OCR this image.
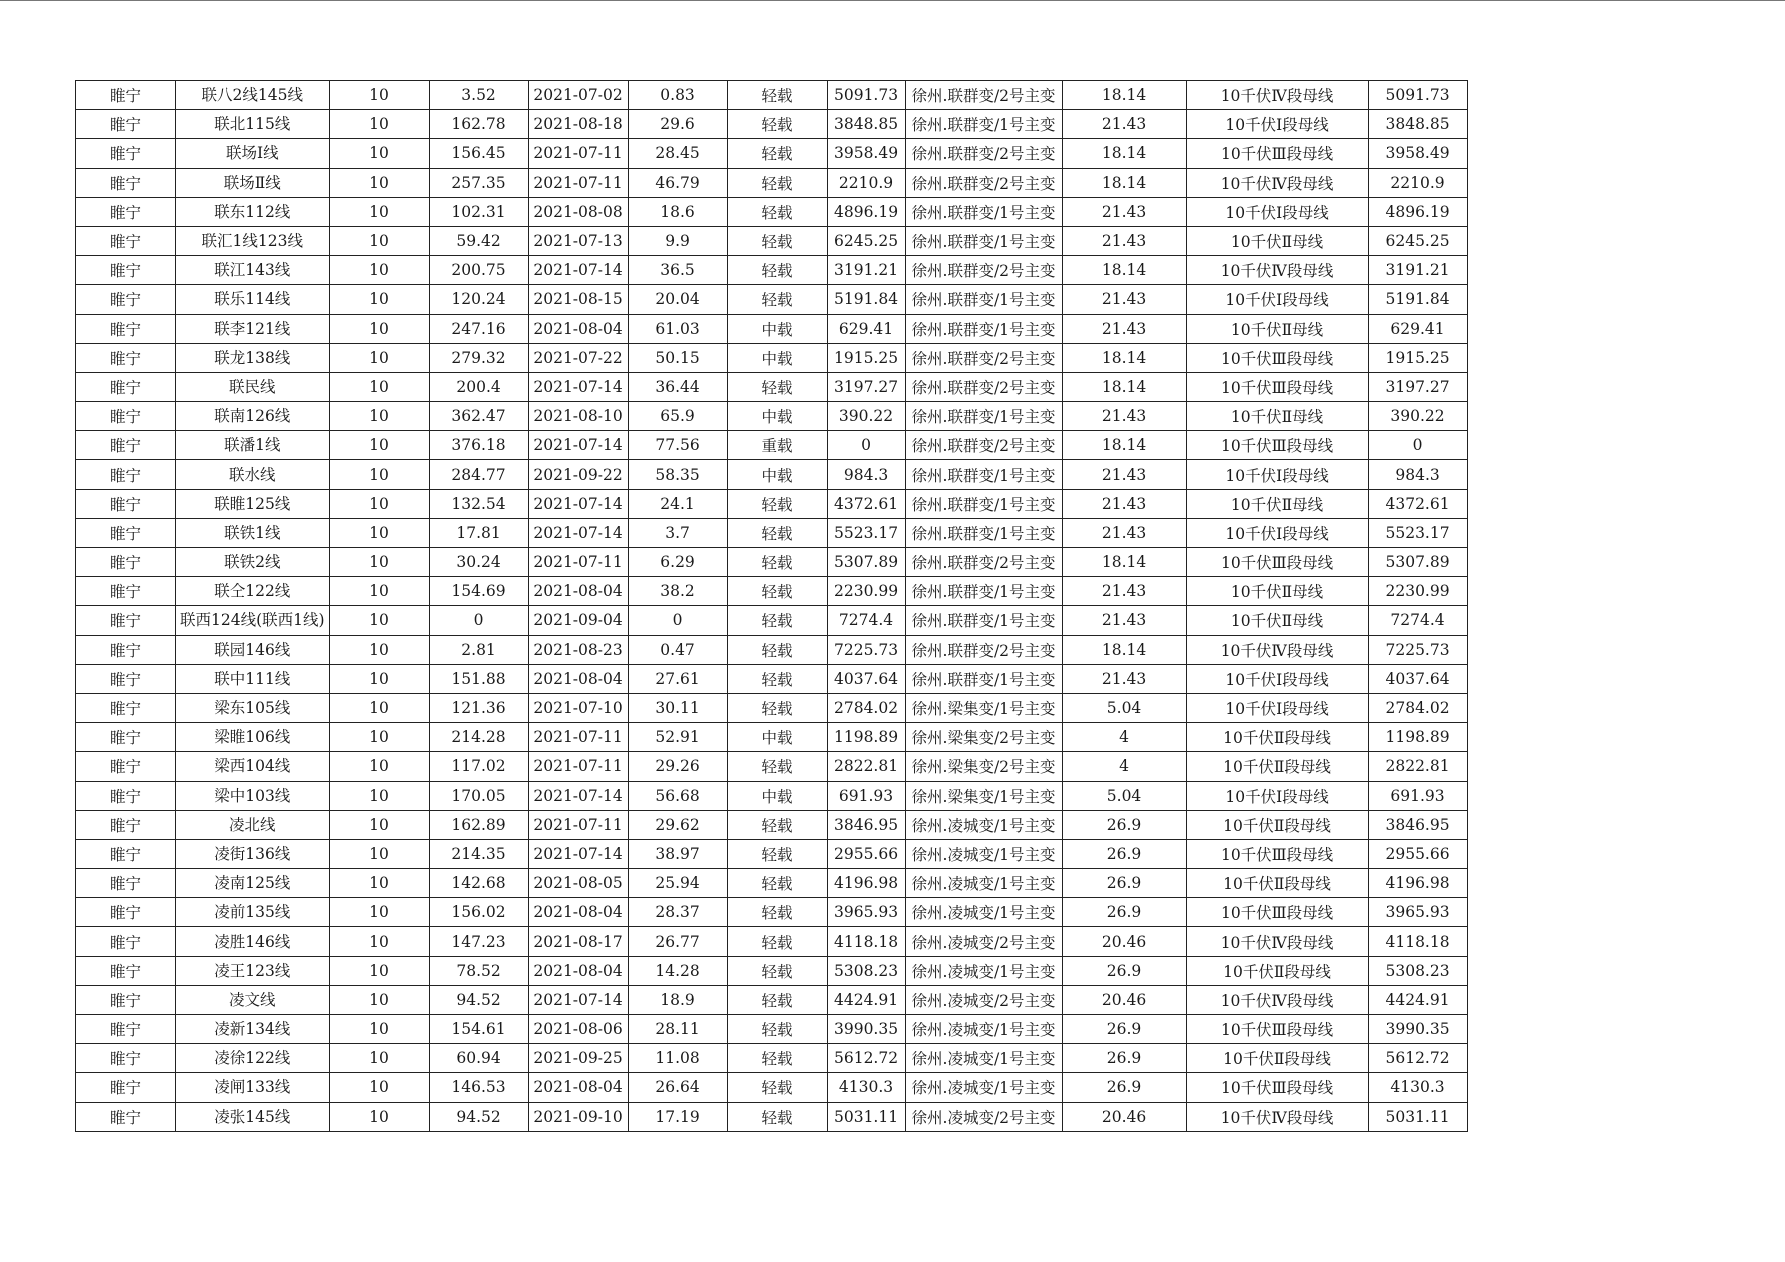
睢宁	联八2线145线	10	3.52	2021-07-02	0.83	轻载	5091.73	徐州.联群变/2号主变	18.14	10千伏Ⅳ段母线	5091.73
睢宁	联北115线	10	162.78	2021-08-18	29.6	轻载	3848.85	徐州.联群变/1号主变	21.43	10千伏Ⅰ段母线	3848.85
睢宁	联场Ⅰ线	10	156.45	2021-07-11	28.45	轻载	3958.49	徐州.联群变/2号主变	18.14	10千伏Ⅲ段母线	3958.49
睢宁	联场Ⅱ线	10	257.35	2021-07-11	46.79	轻载	2210.9	徐州.联群变/2号主变	18.14	10千伏Ⅳ段母线	2210.9
睢宁	联东112线	10	102.31	2021-08-08	18.6	轻载	4896.19	徐州.联群变/1号主变	21.43	10千伏Ⅰ段母线	4896.19
睢宁	联汇1线123线	10	59.42	2021-07-13	9.9	轻载	6245.25	徐州.联群变/1号主变	21.43	10千伏Ⅱ母线	6245.25
睢宁	联江143线	10	200.75	2021-07-14	36.5	轻载	3191.21	徐州.联群变/2号主变	18.14	10千伏Ⅳ段母线	3191.21
睢宁	联乐114线	10	120.24	2021-08-15	20.04	轻载	5191.84	徐州.联群变/1号主变	21.43	10千伏Ⅰ段母线	5191.84
睢宁	联李121线	10	247.16	2021-08-04	61.03	中载	629.41	徐州.联群变/1号主变	21.43	10千伏Ⅱ母线	629.41
睢宁	联龙138线	10	279.32	2021-07-22	50.15	中载	1915.25	徐州.联群变/2号主变	18.14	10千伏Ⅲ段母线	1915.25
睢宁	联民线	10	200.4	2021-07-14	36.44	轻载	3197.27	徐州.联群变/2号主变	18.14	10千伏Ⅲ段母线	3197.27
睢宁	联南126线	10	362.47	2021-08-10	65.9	中载	390.22	徐州.联群变/1号主变	21.43	10千伏Ⅱ母线	390.22
睢宁	联潘1线	10	376.18	2021-07-14	77.56	重载	0	徐州.联群变/2号主变	18.14	10千伏Ⅲ段母线	0
睢宁	联水线	10	284.77	2021-09-22	58.35	中载	984.3	徐州.联群变/1号主变	21.43	10千伏Ⅰ段母线	984.3
睢宁	联睢125线	10	132.54	2021-07-14	24.1	轻载	4372.61	徐州.联群变/1号主变	21.43	10千伏Ⅱ母线	4372.61
睢宁	联铁1线	10	17.81	2021-07-14	3.7	轻载	5523.17	徐州.联群变/1号主变	21.43	10千伏Ⅰ段母线	5523.17
睢宁	联铁2线	10	30.24	2021-07-11	6.29	轻载	5307.89	徐州.联群变/2号主变	18.14	10千伏Ⅲ段母线	5307.89
睢宁	联仝122线	10	154.69	2021-08-04	38.2	轻载	2230.99	徐州.联群变/1号主变	21.43	10千伏Ⅱ母线	2230.99
睢宁	联西124线(联西1线)	10	0	2021-09-04	0	轻载	7274.4	徐州.联群变/1号主变	21.43	10千伏Ⅱ母线	7274.4
睢宁	联园146线	10	2.81	2021-08-23	0.47	轻载	7225.73	徐州.联群变/2号主变	18.14	10千伏Ⅳ段母线	7225.73
睢宁	联中111线	10	151.88	2021-08-04	27.61	轻载	4037.64	徐州.联群变/1号主变	21.43	10千伏Ⅰ段母线	4037.64
睢宁	梁东105线	10	121.36	2021-07-10	30.11	轻载	2784.02	徐州.梁集变/1号主变	5.04	10千伏Ⅰ段母线	2784.02
睢宁	梁睢106线	10	214.28	2021-07-11	52.91	中载	1198.89	徐州.梁集变/2号主变	4	10千伏Ⅱ段母线	1198.89
睢宁	梁西104线	10	117.02	2021-07-11	29.26	轻载	2822.81	徐州.梁集变/2号主变	4	10千伏Ⅱ段母线	2822.81
睢宁	梁中103线	10	170.05	2021-07-14	56.68	中载	691.93	徐州.梁集变/1号主变	5.04	10千伏Ⅰ段母线	691.93
睢宁	凌北线	10	162.89	2021-07-11	29.62	轻载	3846.95	徐州.凌城变/1号主变	26.9	10千伏Ⅱ段母线	3846.95
睢宁	凌街136线	10	214.35	2021-07-14	38.97	轻载	2955.66	徐州.凌城变/1号主变	26.9	10千伏Ⅲ段母线	2955.66
睢宁	凌南125线	10	142.68	2021-08-05	25.94	轻载	4196.98	徐州.凌城变/1号主变	26.9	10千伏Ⅱ段母线	4196.98
睢宁	凌前135线	10	156.02	2021-08-04	28.37	轻载	3965.93	徐州.凌城变/1号主变	26.9	10千伏Ⅲ段母线	3965.93
睢宁	凌胜146线	10	147.23	2021-08-17	26.77	轻载	4118.18	徐州.凌城变/2号主变	20.46	10千伏Ⅳ段母线	4118.18
睢宁	凌王123线	10	78.52	2021-08-04	14.28	轻载	5308.23	徐州.凌城变/1号主变	26.9	10千伏Ⅱ段母线	5308.23
睢宁	凌文线	10	94.52	2021-07-14	18.9	轻载	4424.91	徐州.凌城变/2号主变	20.46	10千伏Ⅳ段母线	4424.91
睢宁	凌新134线	10	154.61	2021-08-06	28.11	轻载	3990.35	徐州.凌城变/1号主变	26.9	10千伏Ⅲ段母线	3990.35
睢宁	凌徐122线	10	60.94	2021-09-25	11.08	轻载	5612.72	徐州.凌城变/1号主变	26.9	10千伏Ⅱ段母线	5612.72
睢宁	凌闸133线	10	146.53	2021-08-04	26.64	轻载	4130.3	徐州.凌城变/1号主变	26.9	10千伏Ⅲ段母线	4130.3
睢宁	凌张145线	10	94.52	2021-09-10	17.19	轻载	5031.11	徐州.凌城变/2号主变	20.46	10千伏Ⅳ段母线	5031.11
